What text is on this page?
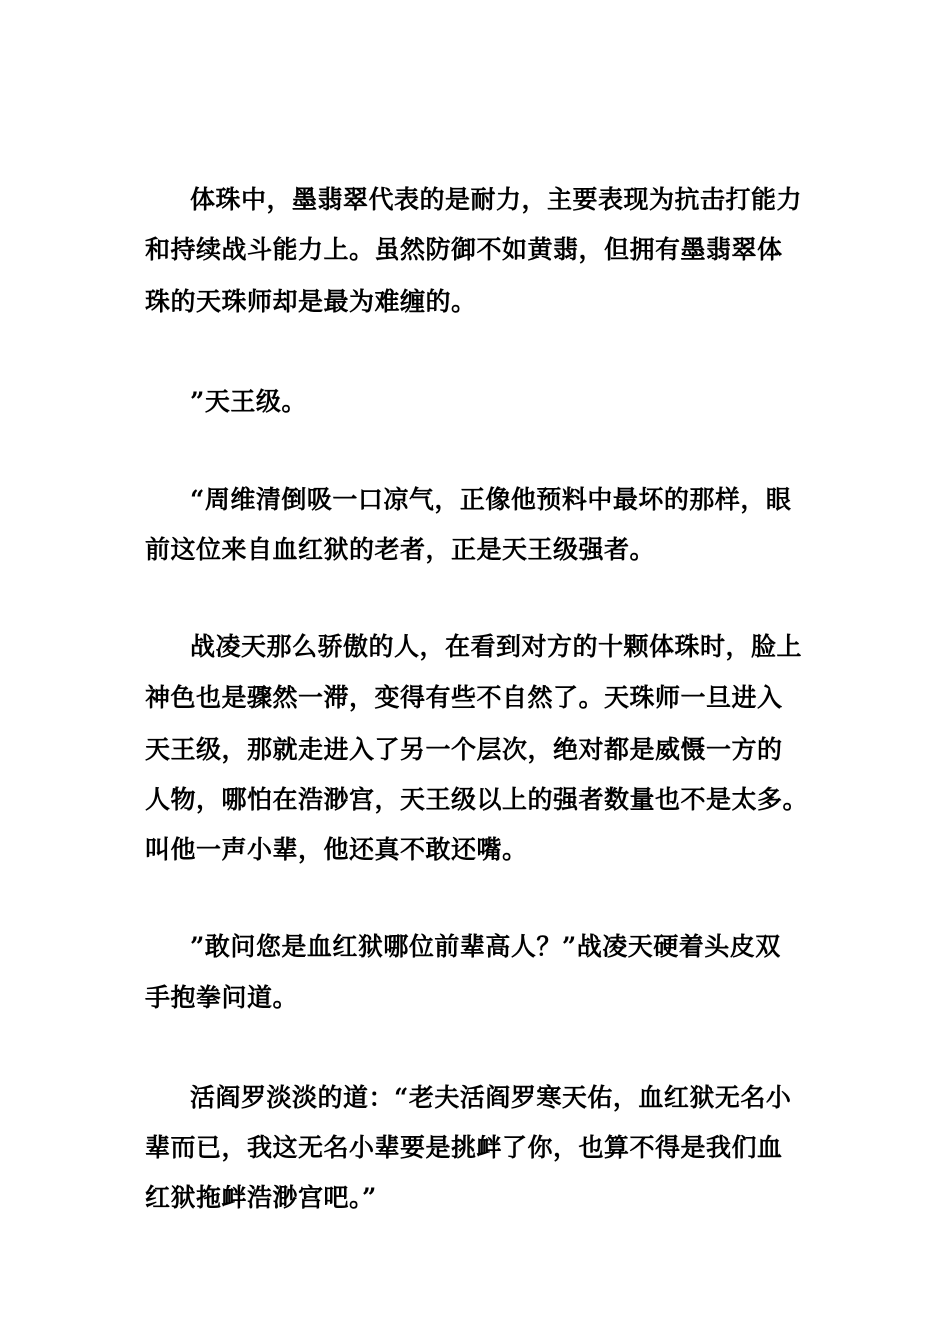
体珠中，墨翡翠代表的是耐力，主要表现为抗击打能力
和持续战斗能力上。虽然防御不如黄翡，但拥有墨翡翠体
珠的天珠师却是最为难缠的。
”天王级。
“周维清倒吸一口凉气，正像他预料中最坏的那样，眼
前这位来自血红狱的老者，正是天王级强者。
战凌天那么骄傲的人，在看到对方的十颗体珠时，脸上
神色也是骤然一滞，变得有些不自然了。天珠师一旦进入
天王级，那就走进入了另一个层次，绝对都是威慑一方的
人物，哪怕在浩渺宫，天王级以上的强者数量也不是太多。
叫他一声小辈，他还真不敢还嘴。
”敢问您是血红狱哪位前辈高人？”战凌天硬着头皮双
手抱拳问道。
活阎罗淡淡的道：“老夫活阎罗寒天佑，血红狱无名小
辈而已，我这无名小辈要是挑衅了你，也算不得是我们血
红狱拖衅浩渺宫吧。”
